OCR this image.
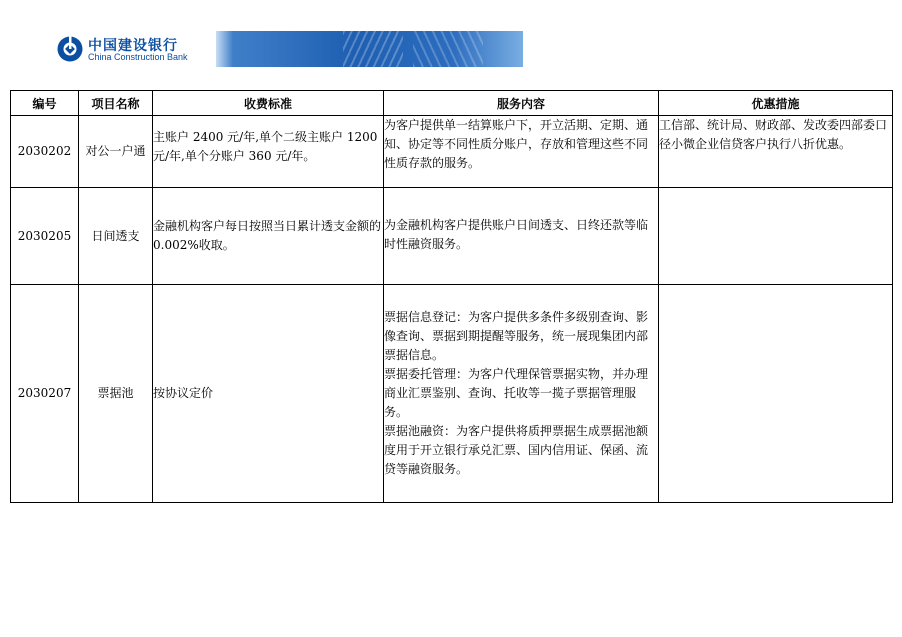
中国建设银行
China Construction Bank
编号	项目名称	收费标准	服务内容	优惠措施
2030202	对公一户通	主账户 2400 元/年,单个二级主账户 1200 元/年,单个分账户 360 元/年。	为客户提供单一结算账户下，开立活期、定期、通知、协定等不同性质分账户，存放和管理这些不同性质存款的服务。	工信部、统计局、财政部、发改委四部委口径小微企业信贷客户执行八折优惠。
2030205	日间透支	金融机构客户每日按照当日累计透支金额的 0.002%收取。	为金融机构客户提供账户日间透支、日终还款等临时性融资服务。	

2030207	票据池	按协议定价	票据信息登记：为客户提供多条件多级别查询、影像查询、票据到期提醒等服务，统一展现集团内部票据信息。
票据委托管理：为客户代理保管票据实物，并办理商业汇票鉴别、查询、托收等一揽子票据管理服务。
票据池融资：为客户提供将质押票据生成票据池额度用于开立银行承兑汇票、国内信用证、保函、流贷等融资服务。	
